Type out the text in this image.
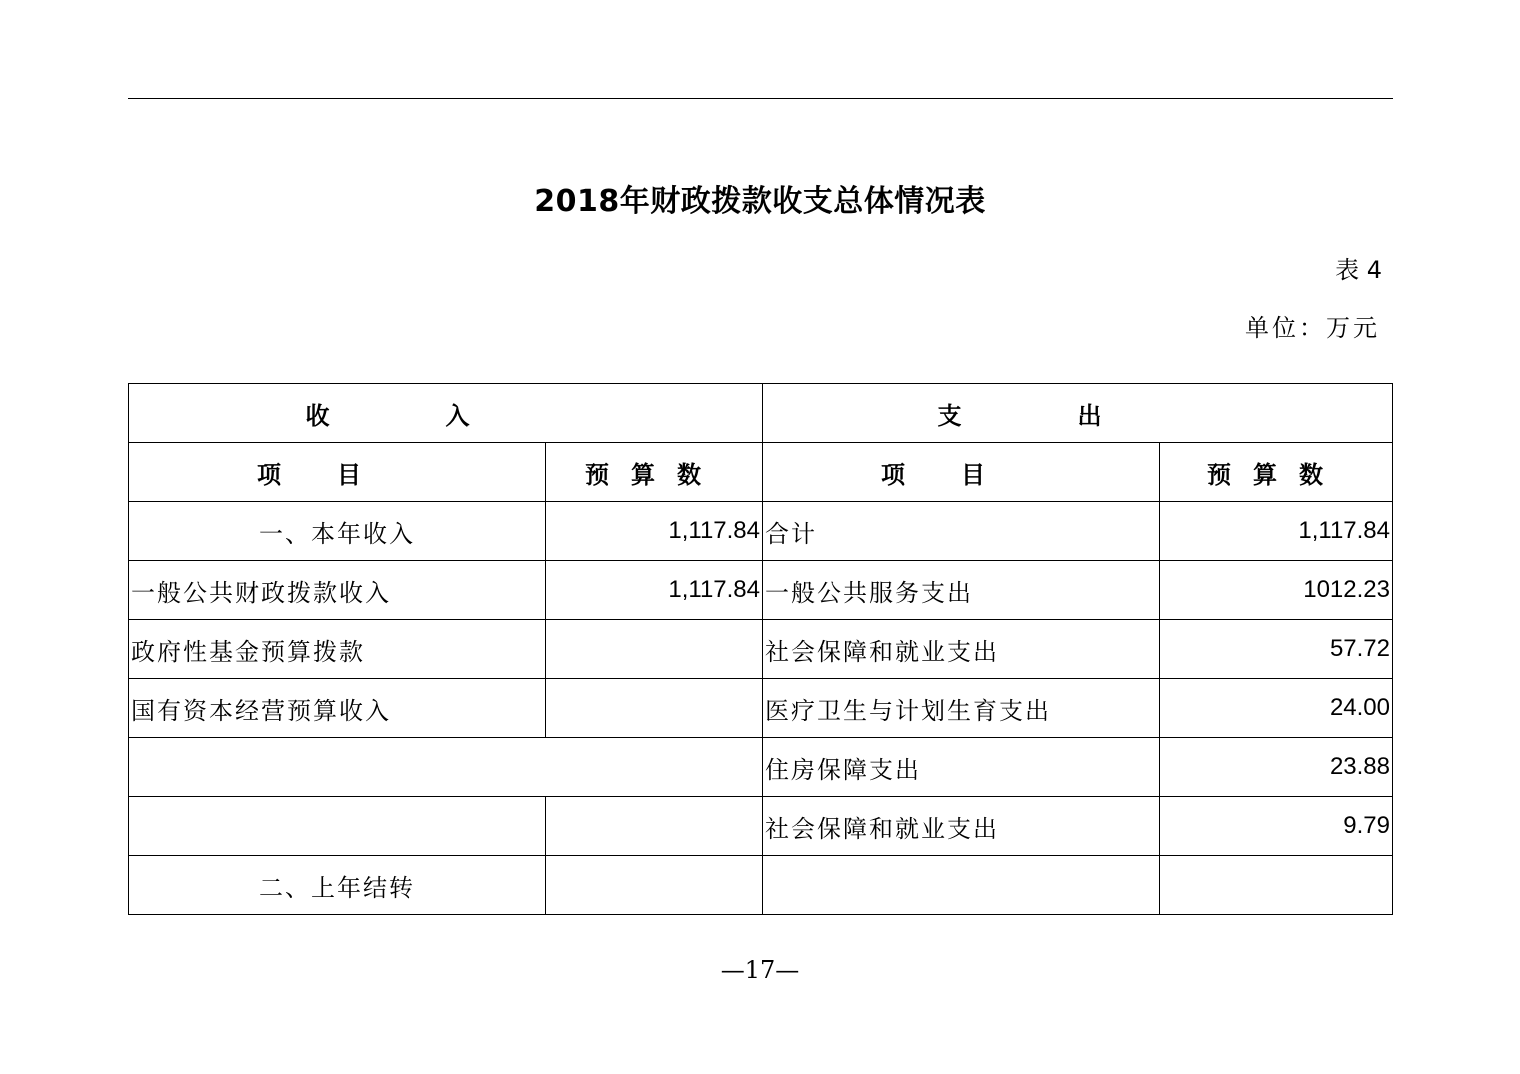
2018年财政拨款收支总体情况表
表 4
单位：万元
收入		支出	
项目	预算数	项目	预算数
一、本年收入	1,117.84	合计	1,117.84
一般公共财政拨款收入	1,117.84	一般公共服务支出	1012.23
政府性基金预算拨款		社会保障和就业支出	57.72
国有资本经营预算收入		医疗卫生与计划生育支出	24.00
		住房保障支出	23.88
		社会保障和就业支出	9.79
二、上年结转			
—17—
